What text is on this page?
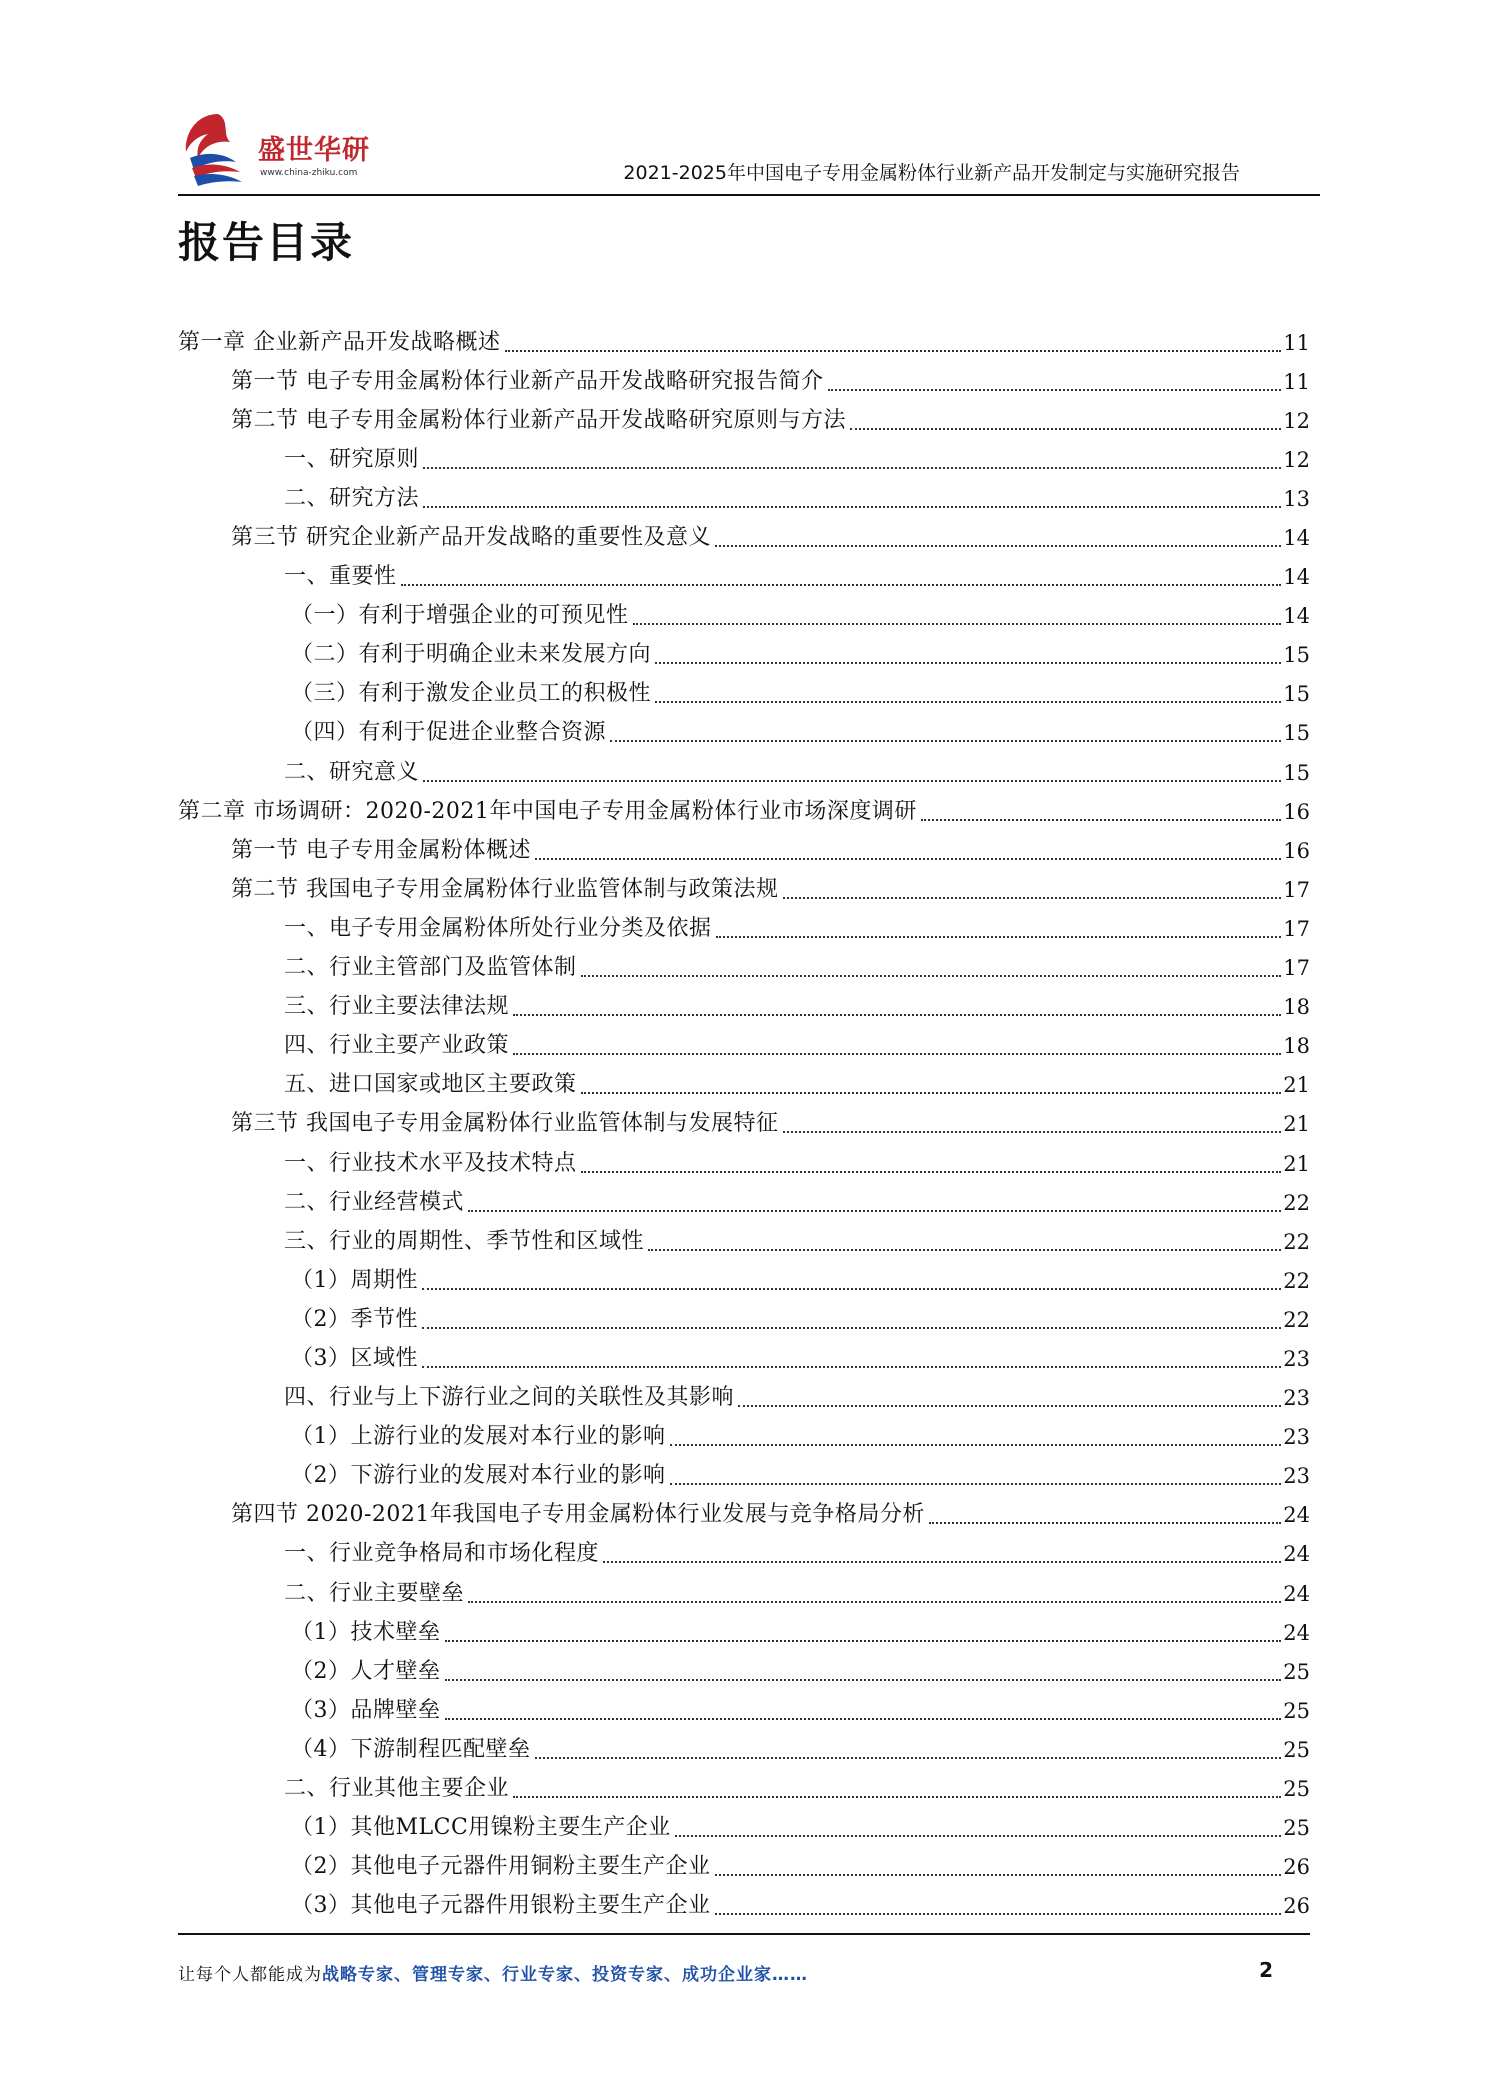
盛世华研
www.china-zhiku.com	2021-2025年中国电子专用金属粉体行业新产品开发制定与实施研究报告
报告目录
第一章 企业新产品开发战略概述	11
第一节 电子专用金属粉体行业新产品开发战略研究报告简介	11
第二节 电子专用金属粉体行业新产品开发战略研究原则与方法	12
一、研究原则	12
二、研究方法	13
第三节 研究企业新产品开发战略的重要性及意义	14
一、重要性	14
（一）有利于增强企业的可预见性	14
（二）有利于明确企业未来发展方向	15
（三）有利于激发企业员工的积极性	15
（四）有利于促进企业整合资源	15
二、研究意义	15
第二章 市场调研：2020-2021年中国电子专用金属粉体行业市场深度调研	16
第一节 电子专用金属粉体概述	16
第二节 我国电子专用金属粉体行业监管体制与政策法规	17
一、电子专用金属粉体所处行业分类及依据	17
二、行业主管部门及监管体制	17
三、行业主要法律法规	18
四、行业主要产业政策	18
五、进口国家或地区主要政策	21
第三节 我国电子专用金属粉体行业监管体制与发展特征	21
一、行业技术水平及技术特点	21
二、行业经营模式	22
三、行业的周期性、季节性和区域性	22
（1）周期性	22
（2）季节性	22
（3）区域性	23
四、行业与上下游行业之间的关联性及其影响	23
（1）上游行业的发展对本行业的影响	23
（2）下游行业的发展对本行业的影响	23
第四节 2020-2021年我国电子专用金属粉体行业发展与竞争格局分析	24
一、行业竞争格局和市场化程度	24
二、行业主要壁垒	24
（1）技术壁垒	24
（2）人才壁垒	25
（3）品牌壁垒	25
（4）下游制程匹配壁垒	25
二、行业其他主要企业	25
（1）其他MLCC用镍粉主要生产企业	25
（2）其他电子元器件用铜粉主要生产企业	26
（3）其他电子元器件用银粉主要生产企业	26
让每个人都能成为战略专家、管理专家、行业专家、投资专家、成功企业家……	2
